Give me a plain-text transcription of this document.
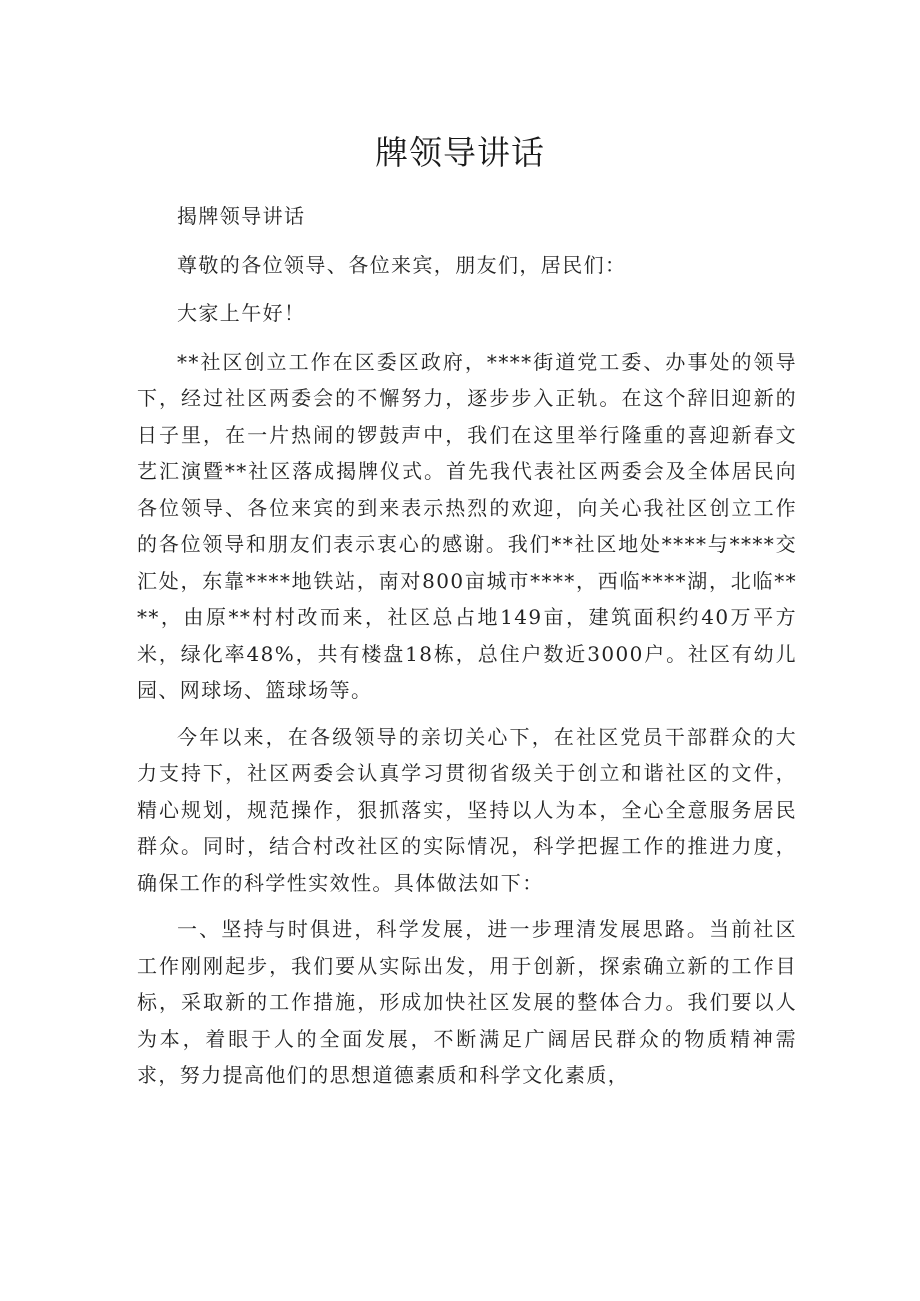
牌领导讲话

揭牌领导讲话

尊敬的各位领导、各位来宾，朋友们，居民们：

大家上午好！

**社区创立工作在区委区政府，****街道党工委、办事处的领导下，经过社区两委会的不懈努力，逐步步入正轨。在这个辞旧迎新的日子里，在一片热闹的锣鼓声中，我们在这里举行隆重的喜迎新春文艺汇演暨**社区落成揭牌仪式。首先我代表社区两委会及全体居民向各位领导、各位来宾的到来表示热烈的欢迎，向关心我社区创立工作的各位领导和朋友们表示衷心的感谢。我们**社区地处****与****交汇处，东靠****地铁站，南对800亩城市****，西临****湖，北临****，由原**村村改而来，社区总占地149亩，建筑面积约40万平方米，绿化率48%，共有楼盘18栋，总住户数近3000户。社区有幼儿园、网球场、篮球场等。

今年以来，在各级领导的亲切关心下，在社区党员干部群众的大力支持下，社区两委会认真学习贯彻省级关于创立和谐社区的文件，精心规划，规范操作，狠抓落实，坚持以人为本，全心全意服务居民群众。同时，结合村改社区的实际情况，科学把握工作的推进力度，确保工作的科学性实效性。具体做法如下：

一、坚持与时俱进，科学发展，进一步理清发展思路。当前社区工作刚刚起步，我们要从实际出发，用于创新，探索确立新的工作目标，采取新的工作措施，形成加快社区发展的整体合力。我们要以人为本，着眼于人的全面发展，不断满足广阔居民群众的物质精神需求，努力提高他们的思想道德素质和科学文化素质，
